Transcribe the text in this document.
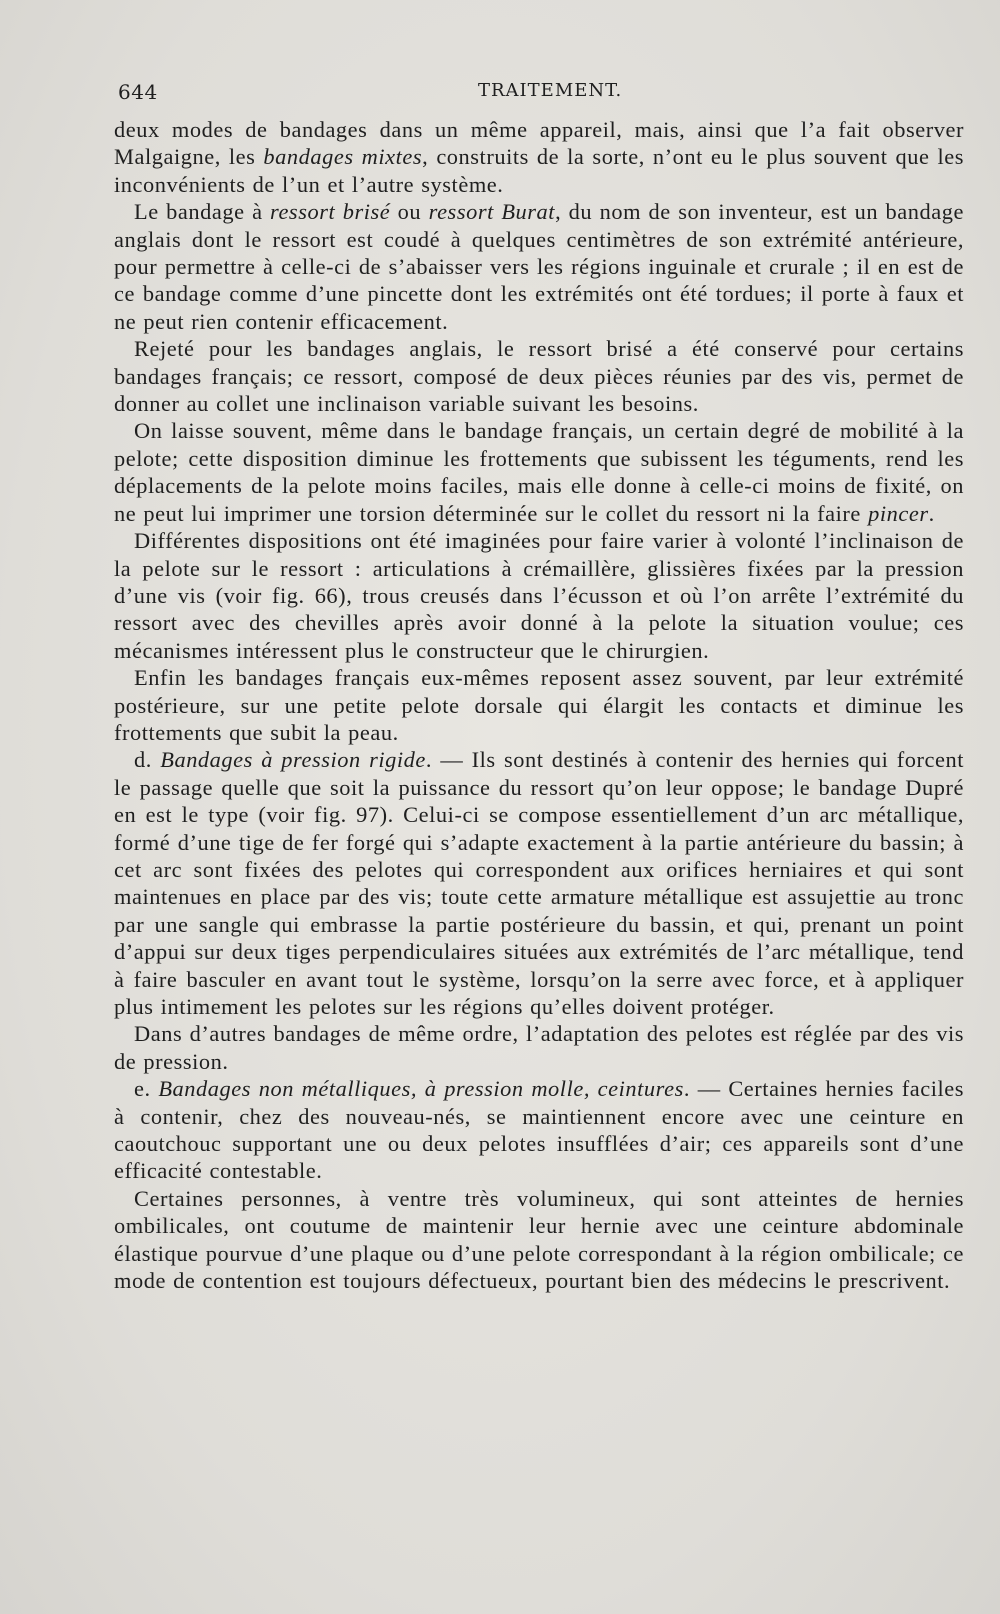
644	TRAITEMENT.

deux modes de bandages dans un même appareil, mais, ainsi que l’a fait observer Malgaigne, les bandages mixtes, construits de la sorte, n’ont eu le plus souvent que les inconvénients de l’un et l’autre système.

Le bandage à ressort brisé ou ressort Burat, du nom de son inventeur, est un bandage anglais dont le ressort est coudé à quelques centimètres de son extrémité antérieure, pour permettre à celle-ci de s’abaisser vers les régions inguinale et crurale ; il en est de ce bandage comme d’une pincette dont les extrémités ont été tordues; il porte à faux et ne peut rien contenir efficacement.

Rejeté pour les bandages anglais, le ressort brisé a été conservé pour certains bandages français; ce ressort, composé de deux pièces réunies par des vis, permet de donner au collet une inclinaison variable suivant les besoins.

On laisse souvent, même dans le bandage français, un certain degré de mobilité à la pelote; cette disposition diminue les frottements que subissent les téguments, rend les déplacements de la pelote moins faciles, mais elle donne à celle-ci moins de fixité, on ne peut lui imprimer une torsion déterminée sur le collet du ressort ni la faire pincer.

Différentes dispositions ont été imaginées pour faire varier à volonté l’inclinaison de la pelote sur le ressort : articulations à crémaillère, glissières fixées par la pression d’une vis (voir fig. 66), trous creusés dans l’écusson et où l’on arrête l’extrémité du ressort avec des chevilles après avoir donné à la pelote la situation voulue; ces mécanismes intéressent plus le constructeur que le chirurgien.

Enfin les bandages français eux-mêmes reposent assez souvent, par leur extrémité postérieure, sur une petite pelote dorsale qui élargit les contacts et diminue les frottements que subit la peau.

d. Bandages à pression rigide. — Ils sont destinés à contenir des hernies qui forcent le passage quelle que soit la puissance du ressort qu’on leur oppose; le bandage Dupré en est le type (voir fig. 97). Celui-ci se compose essentiellement d’un arc métallique, formé d’une tige de fer forgé qui s’adapte exactement à la partie antérieure du bassin; à cet arc sont fixées des pelotes qui correspondent aux orifices herniaires et qui sont maintenues en place par des vis; toute cette armature métallique est assujettie au tronc par une sangle qui embrasse la partie postérieure du bassin, et qui, prenant un point d’appui sur deux tiges perpendiculaires situées aux extrémités de l’arc métallique, tend à faire basculer en avant tout le système, lorsqu’on la serre avec force, et à appliquer plus intimement les pelotes sur les régions qu’elles doivent protéger.

Dans d’autres bandages de même ordre, l’adaptation des pelotes est réglée par des vis de pression.

e. Bandages non métalliques, à pression molle, ceintures. — Certaines hernies faciles à contenir, chez des nouveau-nés, se maintiennent encore avec une ceinture en caoutchouc supportant une ou deux pelotes insufflées d’air; ces appareils sont d’une efficacité contestable.

Certaines personnes, à ventre très volumineux, qui sont atteintes de hernies ombilicales, ont coutume de maintenir leur hernie avec une ceinture abdominale élastique pourvue d’une plaque ou d’une pelote correspondant à la région ombilicale; ce mode de contention est toujours défectueux, pourtant bien des médecins le prescrivent.
